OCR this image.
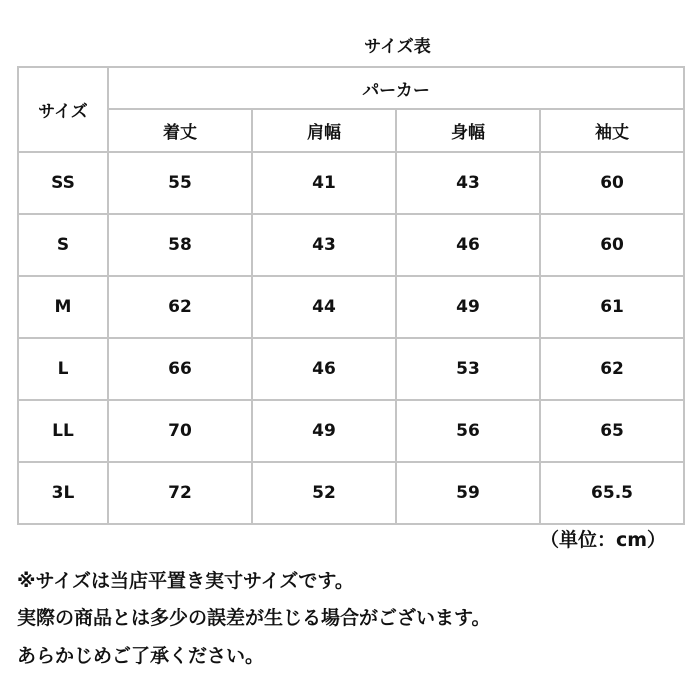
サイズ表
サイズ	パーカー			
	着丈	肩幅	身幅	袖丈
SS	55	41	43	60
S	58	43	46	60
M	62	44	49	61
L	66	46	53	62
LL	70	49	56	65
3L	72	52	59	65.5
（単位：cm）
※サイズは当店平置き実寸サイズです。
実際の商品とは多少の誤差が生じる場合がございます。
あらかじめご了承ください。
